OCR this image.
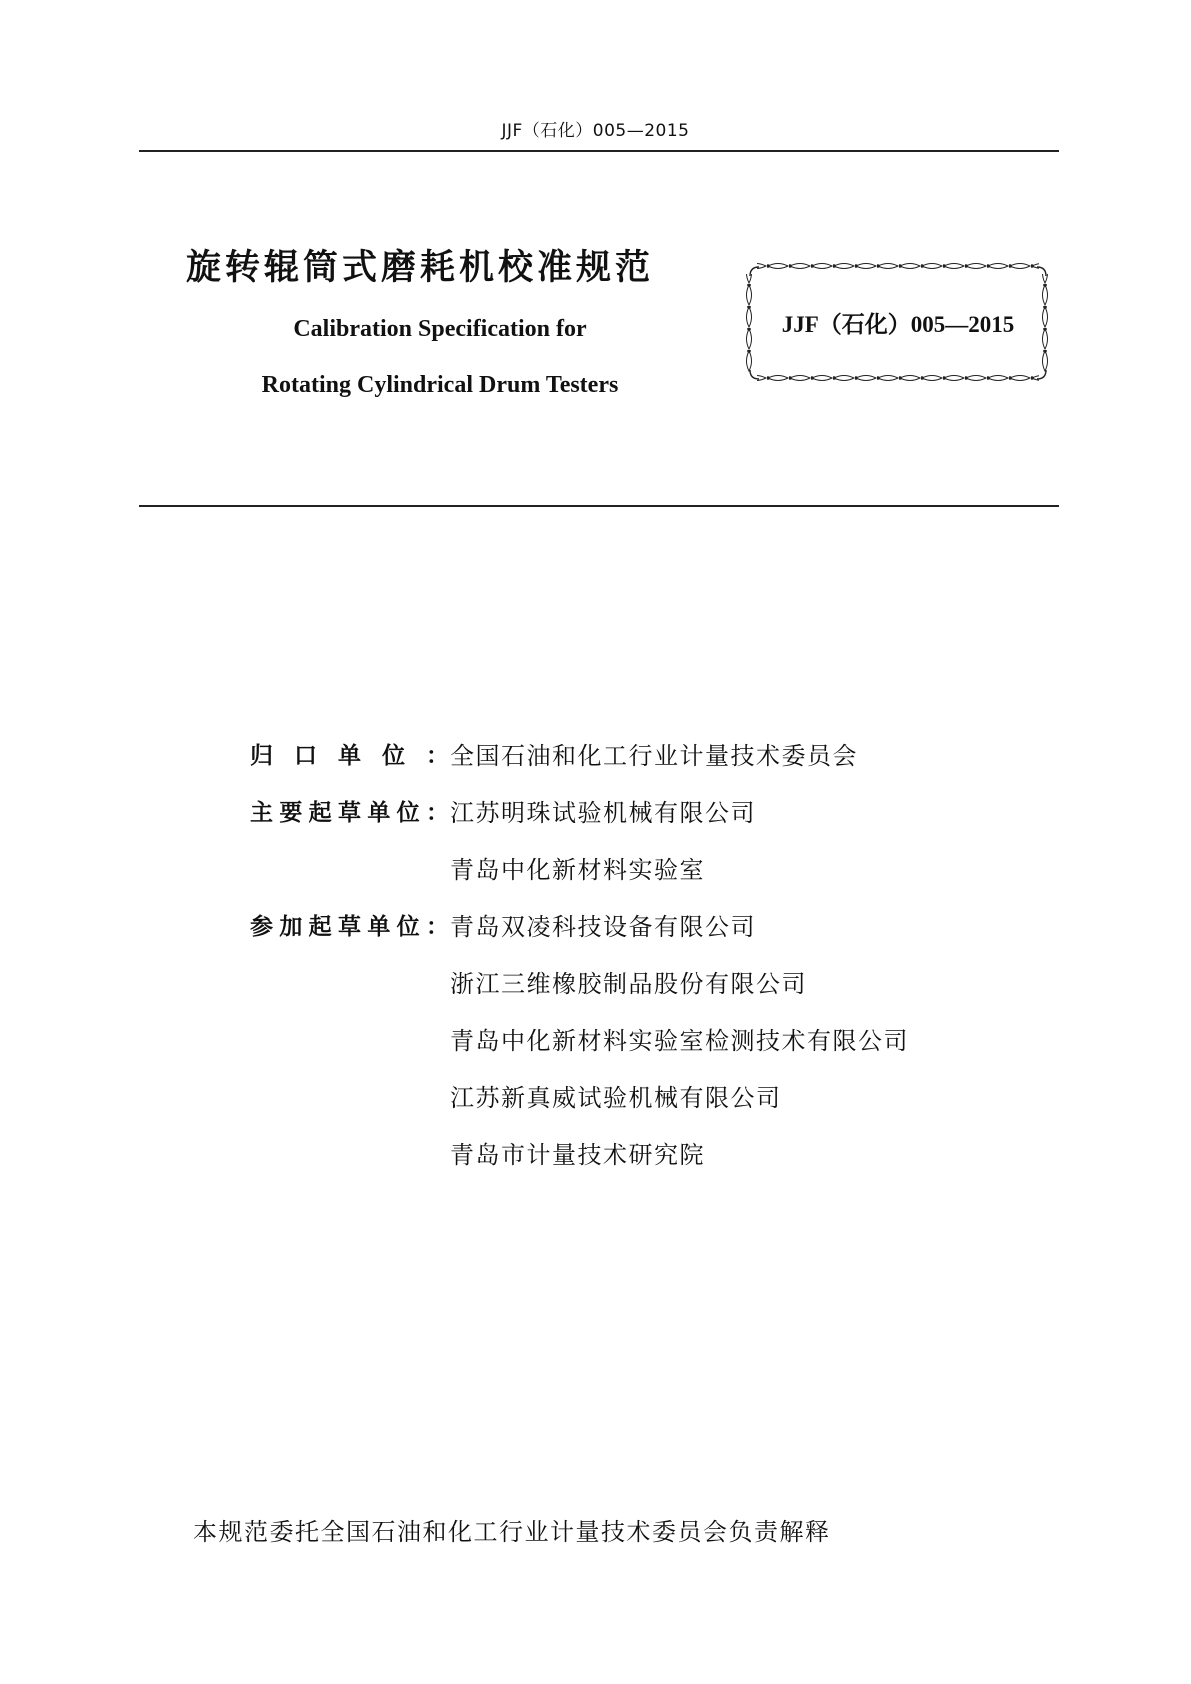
JJF（石化）005—2015
旋转辊筒式磨耗机校准规范
Calibration Specification for
Rotating Cylindrical Drum Testers
JJF（石化）005—2015
归口单位： 全国石油和化工行业计量技术委员会
主要起草单位： 江苏明珠试验机械有限公司
青岛中化新材料实验室
参加起草单位： 青岛双凌科技设备有限公司
浙江三维橡胶制品股份有限公司
青岛中化新材料实验室检测技术有限公司
江苏新真威试验机械有限公司
青岛市计量技术研究院
本规范委托全国石油和化工行业计量技术委员会负责解释
